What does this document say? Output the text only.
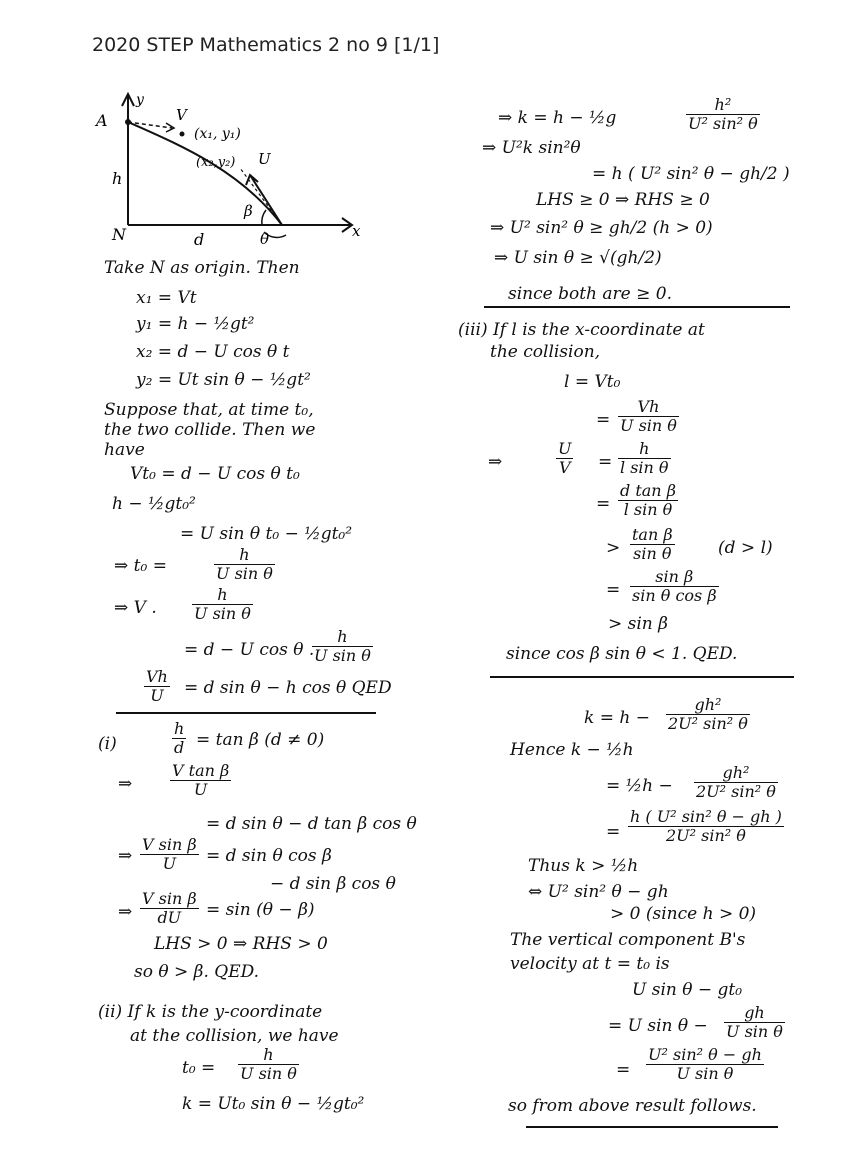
2020 STEP Mathematics 2 no 9 [1/1]
A
y
V
(x₁, y₁)
(x₂,y₂) U
h
N	d
β
θ	x
Take N as origin. Then
x₁ = Vt
y₁ = h − ½gt²
x₂ = d − U cos θ t
y₂ = Ut sin θ − ½gt²
Suppose that, at time t₀,
the two collide. Then we
have
Vt₀ = d − U cos θ t₀
h − ½gt₀²
= U sin θ t₀ − ½gt₀²
⇒ t₀ =	$\frac{h}{\text{U sin θ}}$
⇒ V . $\frac{h}{\text{U sin θ}}$
= d − U cos θ .
$\frac{h}{\text{U sin θ}}$
$\frac{Vh}{U} = d$ sin θ − h cos θ QED
(i)	$\frac{h}{d} = \tan \beta$ (d ≠ 0)
⇒ $\frac{\text{V tan β}}{U}$
= d sin θ − d tan β cos θ
⇒ $\frac{\text{V sin β}}{U} = d$ sin θ cos β
− d sin β cos θ
⇒ $\frac{\text{V sin β}}{dU} = \sin (\theta - \beta)$
LHS > 0 ⇒ RHS > 0
so θ > β. QED.
(ii) If k is the y-coordinate
at the collision, we have
$t_0 = \frac{h}{\text{U sin θ}}$
k = Ut₀ sin θ − ½gt₀²
⇒ k = h − ½g	$\frac{\text{h²}}{\text{U² sin² θ}}$
⇒ U²k sin²θ
= h ( U² sin² θ − gh/2 )
LHS ≥ 0 ⇒ RHS ≥ 0
⇒ U² sin² θ ≥ gh/2 (h > 0)
⇒ U sin θ ≥ √(gh/2)
since both are ≥ 0.
(iii) If l is the x-coordinate at
the collision,
l = Vt₀
= $\frac{Vh}{\text{U sin θ}}$
⇒	$\frac{U}{V} = \frac{h}{\text{l sin θ}}$
= $\frac{\text{d tan β}}{\text{l sin θ}}$
> $\frac{\text{tan β}}{\text{sin θ}}$	(d > l)
= $\frac{\text{sin β}}{\text{sin θ cos β}}$
> sin β
since cos β sin θ < 1. QED.
$k = h - \frac{\text{gh²}}{\text{2U² sin² θ}}$
Hence k − ½h
= ½h − $\frac{\text{gh²}}{\text{2U² sin² θ}}$
= $\frac{\text{h ( U² sin² θ − gh )}}{\text{2U² sin² θ}}$
Thus k > ½h
⇔ U² sin² θ − gh
> 0 (since h > 0)
The vertical component B's
velocity at t = t₀ is
U sin θ − gt₀
= U $\sin \theta - \frac{gh}{\text{U sin θ}}$
= $\frac{\text{U² sin² θ − gh}}{\text{U sin θ}}$
so from above result follows.
